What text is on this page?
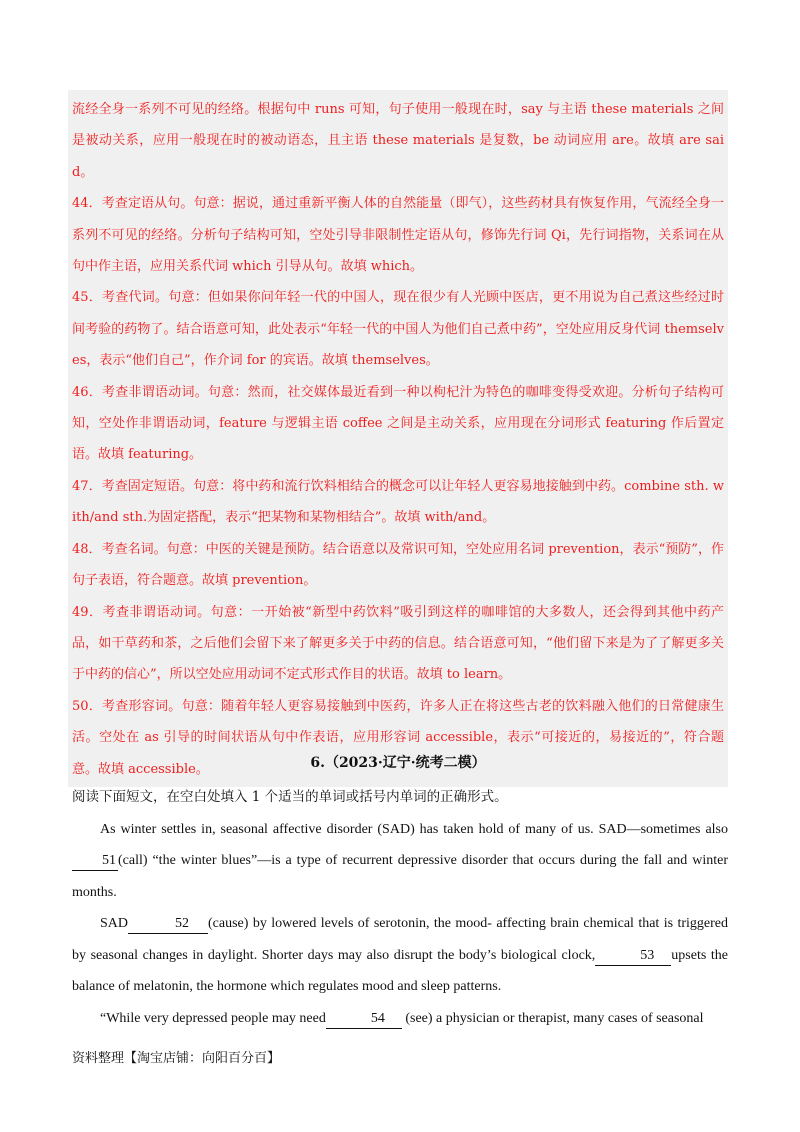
流经全身一系列不可见的经络。根据句中 runs 可知，句子使用一般现在时，say 与主语 these materials 之间是被动关系，应用一般现在时的被动语态，且主语 these materials 是复数，be 动词应用 are。故填 are said。

44．考查定语从句。句意：据说，通过重新平衡人体的自然能量（即气），这些药材具有恢复作用，气流经全身一系列不可见的经络。分析句子结构可知，空处引导非限制性定语从句，修饰先行词 Qi，先行词指物，关系词在从句中作主语，应用关系代词 which 引导从句。故填 which。

45．考查代词。句意：但如果你问年轻一代的中国人，现在很少有人光顾中医店，更不用说为自己煮这些经过时间考验的药物了。结合语意可知，此处表示“年轻一代的中国人为他们自己煮中药”，空处应用反身代词 themselves，表示“他们自己”，作介词 for 的宾语。故填 themselves。

46．考查非谓语动词。句意：然而，社交媒体最近看到一种以枸杞汁为特色的咖啡变得受欢迎。分析句子结构可知，空处作非谓语动词，feature 与逻辑主语 coffee 之间是主动关系，应用现在分词形式 featuring 作后置定语。故填 featuring。

47．考查固定短语。句意：将中药和流行饮料相结合的概念可以让年轻人更容易地接触到中药。combine sth. with/and sth.为固定搭配，表示“把某物和某物相结合”。故填 with/and。

48．考查名词。句意：中医的关键是预防。结合语意以及常识可知，空处应用名词 prevention，表示“预防”，作句子表语，符合题意。故填 prevention。

49．考查非谓语动词。句意：一开始被“新型中药饮料”吸引到这样的咖啡馆的大多数人，还会得到其他中药产品，如干草药和茶，之后他们会留下来了解更多关于中药的信息。结合语意可知，“他们留下来是为了了解更多关于中药的信心”，所以空处应用动词不定式形式作目的状语。故填 to learn。

50．考查形容词。句意：随着年轻人更容易接触到中医药，许多人正在将这些古老的饮料融入他们的日常健康生活。空处在 as 引导的时间状语从句中作表语，应用形容词 accessible，表示“可接近的，易接近的”，符合题意。故填 accessible。	6.（2023·辽宁·统考二模）

阅读下面短文，在空白处填入 1 个适当的单词或括号内单词的正确形式。

As winter settles in, seasonal affective disorder (SAD) has taken hold of many of us. SAD—sometimes also 51 (call) “the winter blues”—is a type of recurrent depressive disorder that occurs during the fall and winter months.

SAD	52 (cause) by lowered levels of serotonin, the mood- affecting brain chemical that is triggered by seasonal changes in daylight. Shorter days may also disrupt the body’s biological clock,	53 upsets the balance of melatonin, the hormone which regulates mood and sleep patterns.

“While very depressed people may need	54 (see) a physician or therapist, many cases of seasonal

资料整理【淘宝店铺：向阳百分百】
